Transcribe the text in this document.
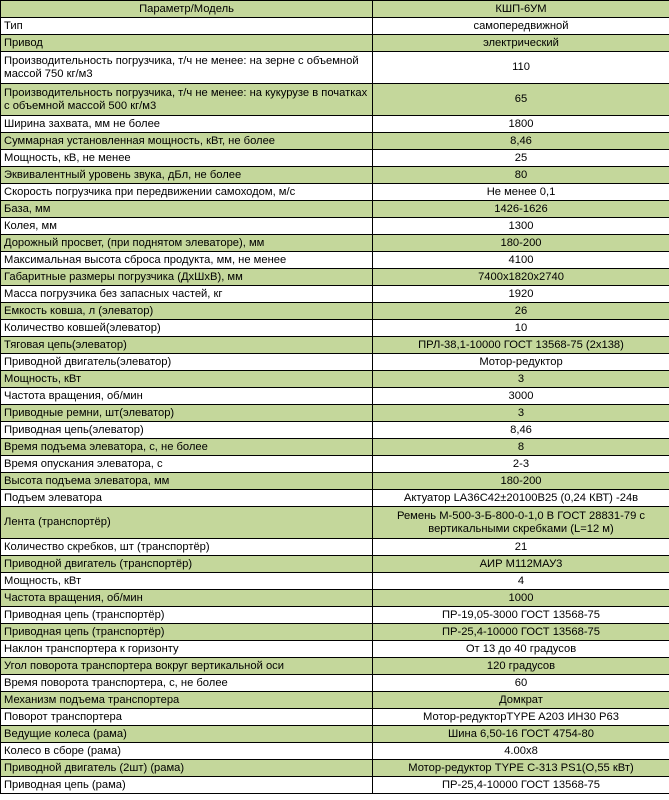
Параметр/Модель	КШП-6УМ
Тип	самопередвижной
Привод	электрический
Производительность погрузчика, т/ч не менее: на зерне с объемной массой 750 кг/м3	110
Производительность погрузчика, т/ч не менее: на кукурузе в початках с объемной массой 500 кг/м3	65
Ширина захвата, мм не более	1800
Суммарная установленная мощность, кВт, не более	8,46
Мощность, кВ, не менее	25
Эквивалентный уровень звука, дБл, не более	80
Скорость погрузчика при передвижении самоходом, м/с	Не менее 0,1
База, мм	1426-1626
Колея, мм	1300
Дорожный просвет, (при поднятом элеваторе), мм	180-200
Максимальная высота сброса продукта, мм, не менее	4100
Габаритные размеры погрузчика (ДхШхВ), мм	7400x1820x2740
Масса погрузчика без запасных частей, кг	1920
Емкость ковша, л (элеватор)	26
Количество ковшей(элеватор)	10
Тяговая цепь(элеватор)	ПРЛ-38,1-10000 ГОСТ 13568-75 (2x138)
Приводной двигатель(элеватор)	Мотор-редуктор
Мощность, кВт	3
Частота вращения, об/мин	3000
Приводные ремни, шт(элеватор)	3
Приводная цепь(элеватор)	8,46
Время подъема элеватора, с, не более	8
Время опускания элеватора, с	2-3
Высота подъема элеватора, мм	180-200
Подъем элеватора	Актуатор LA36C42±20100B25 (0,24 КВТ) -24в
Лента (транспортёр)	Ремень М-500-3-Б-800-0-1,0 В ГОСТ 28831-79 с вертикальными скребками (L=12 м)
Количество скребков, шт (транспортёр)	21
Приводной двигатель (транспортёр)	АИР М112МАУ3
Мощность, кВт	4
Частота вращения, об/мин	1000
Приводная цепь (транспортёр)	ПР-19,05-3000 ГОСТ 13568-75
Приводная цепь (транспортёр)	ПР-25,4-10000 ГОСТ 13568-75
Наклон транспортера к горизонту	От 13 до 40 градусов
Угол поворота транспортера вокруг вертикальной оси	120 градусов
Время поворота транспортера, с, не более	60
Механизм подъема транспортера	Домкрат
Поворот транспортера	Мотор-редукторTYPE A203 ИН30 Р63
Ведущие колеса (рама)	Шина 6,50-16 ГОСТ 4754-80
Колесо в сборе (рама)	4.00x8
Приводной двигатель (2шт) (рама)	Мотор-редуктор TYPE С-313 PS1(О,55 кВт)
Приводная цепь (рама)	ПР-25,4-10000 ГОСТ 13568-75
